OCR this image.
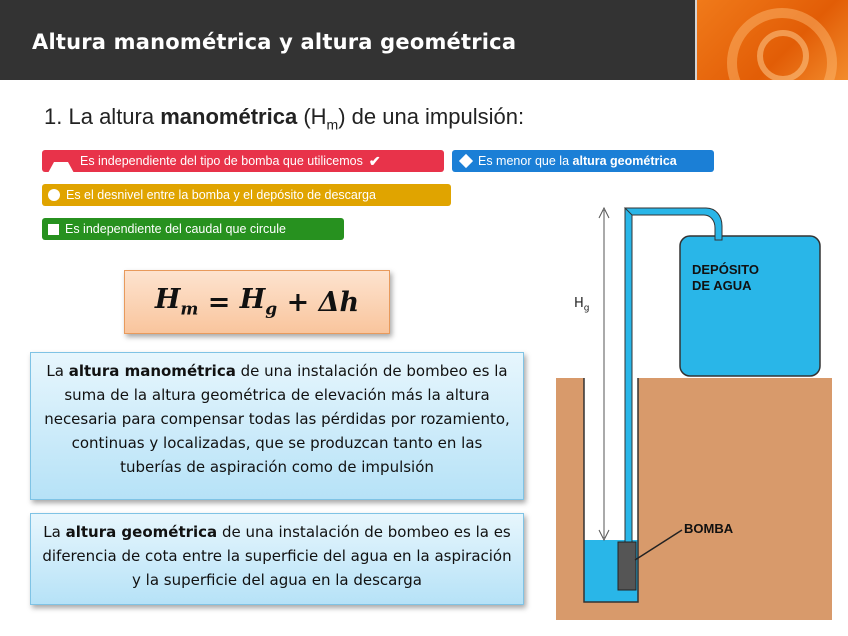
Altura manométrica y altura geométrica
1. La altura manométrica $(H_m)$ de una impulsión:
Es independiente del tipo de bomba que utilicemos ✔	Es menor que la altura geométrica
Es el desnivel entre la bomba y el depósito de descarga
Es independiente del caudal que circule
$H_m = H_g + \Delta h$
La altura manométrica de una instalación de bombeo es la suma de la altura geométrica de elevación más la altura necesaria para compensar todas las pérdidas por rozamiento, continuas y localizadas, que se produzcan tanto en las tuberías de aspiración como de impulsión
La altura geométrica de una instalación de bombeo es la es diferencia de cota entre la superficie del agua en la aspiración y la superficie del agua en la descarga
$H_g$
DEPÓSITO
DE AGUA
BOMBA
